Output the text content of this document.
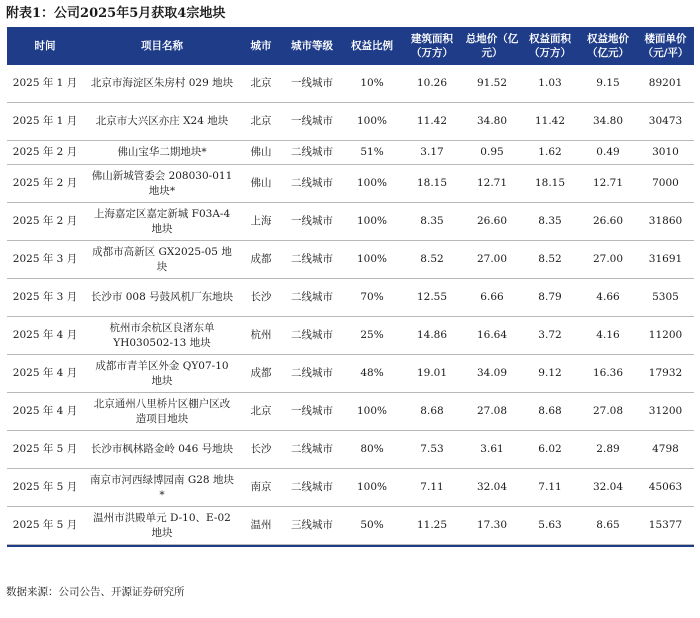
附表1：公司2025年5月获取4宗地块
时间	项目名称	城市	城市等级	权益比例	建筑面积（万方）	总地价（亿元）	权益面积（万方）	权益地价（亿元）	楼面单价（元/平）
2025 年 1 月	北京市海淀区朱房村 029 地块	北京	一线城市	10%	10.26	91.52	1.03	9.15	89201
2025 年 1 月	北京市大兴区亦庄 X24 地块	北京	一线城市	100%	11.42	34.80	11.42	34.80	30473
2025 年 2 月	佛山宝华二期地块*	佛山	二线城市	51%	3.17	0.95	1.62	0.49	3010
2025 年 2 月	佛山新城管委会 208030-011 地块*	佛山	二线城市	100%	18.15	12.71	18.15	12.71	7000
2025 年 2 月	上海嘉定区嘉定新城 F03A-4 地块	上海	一线城市	100%	8.35	26.60	8.35	26.60	31860
2025 年 3 月	成都市高新区 GX2025-05 地块	成都	二线城市	100%	8.52	27.00	8.52	27.00	31691
2025 年 3 月	长沙市 008 号鼓风机厂东地块	长沙	二线城市	70%	12.55	6.66	8.79	4.66	5305
2025 年 4 月	杭州市余杭区良渚东单 YH030502-13 地块	杭州	二线城市	25%	14.86	16.64	3.72	4.16	11200
2025 年 4 月	成都市青羊区外金 QY07-10 地块	成都	二线城市	48%	19.01	34.09	9.12	16.36	17932
2025 年 4 月	北京通州八里桥片区棚户区改造项目地块	北京	一线城市	100%	8.68	27.08	8.68	27.08	31200
2025 年 5 月	长沙市枫林路金岭 046 号地块	长沙	二线城市	80%	7.53	3.61	6.02	2.89	4798
2025 年 5 月	南京市河西绿博园南 G28 地块*	南京	二线城市	100%	7.11	32.04	7.11	32.04	45063
2025 年 5 月	温州市洪殿单元 D-10、E-02 地块	温州	三线城市	50%	11.25	17.30	5.63	8.65	15377
数据来源：公司公告、开源证券研究所
